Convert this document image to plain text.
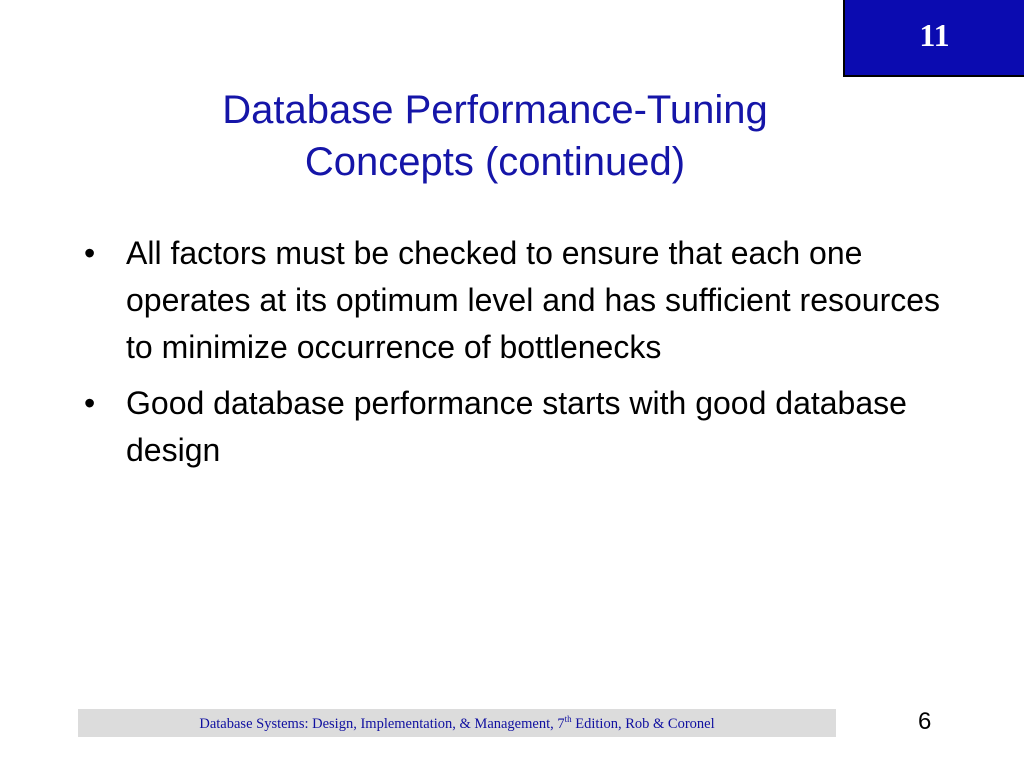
11
Database Performance-Tuning
Concepts (continued)
• All factors must be checked to ensure that each one operates at its optimum level and has sufficient resources to minimize occurrence of bottlenecks
• Good database performance starts with good database design
Database Systems: Design, Implementation, & Management, 7th Edition, Rob & Coronel	6
